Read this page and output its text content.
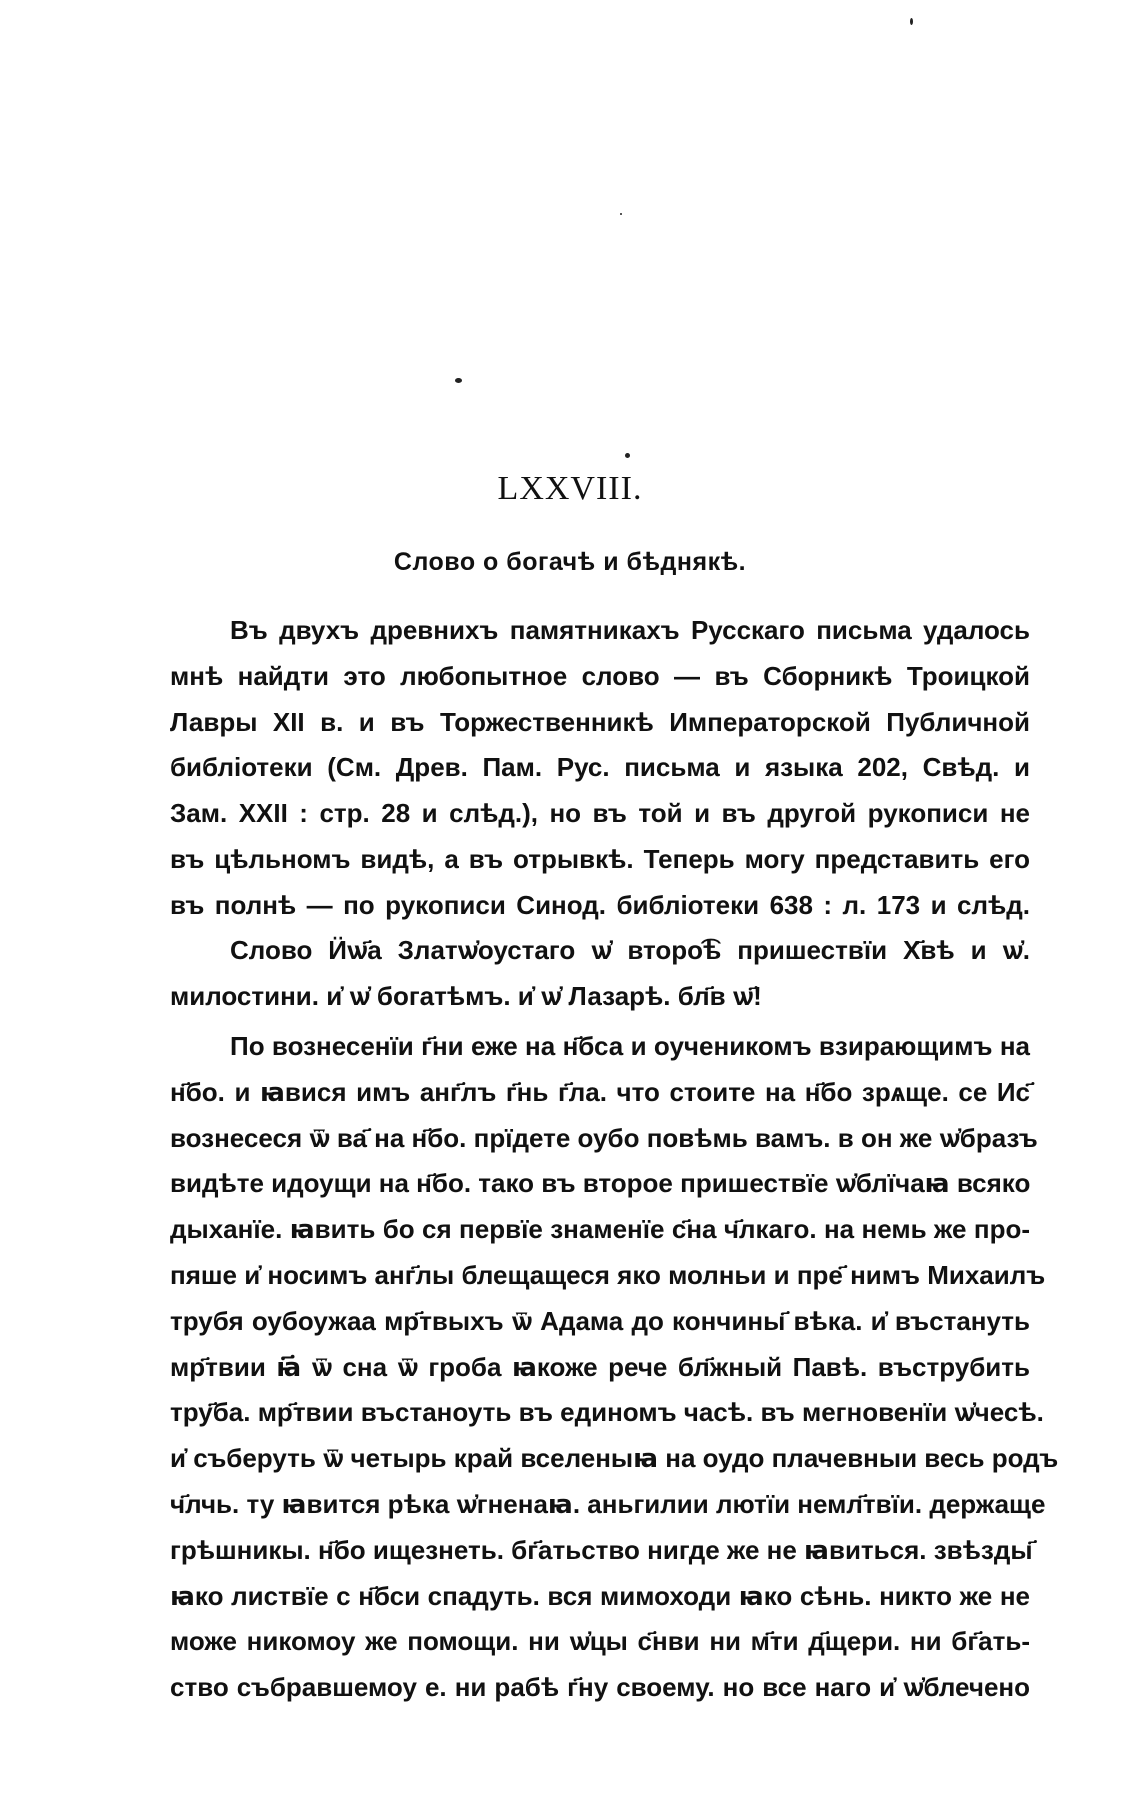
LXXVIII.
Слово о богачѣ и бѣднякѣ.
Въ двухъ древнихъ памятникахъ Русскаго письма удалось
мнѣ найдти это любопытное слово — въ Сборникѣ Троицкой
Лавры XII в. и въ Торжественникѣ Императорской Публичной
библіотеки (См. Древ. Пам. Рус. письма и языка 202, Свѣд. и
Зам. XXII : стр. 28 и слѣд.), но въ той и въ другой рукописи не
въ цѣльномъ видѣ, а въ отрывкѣ. Теперь могу представить его
въ полнѣ — по рукописи Синод. библіотеки 638 : л. 173 и слѣд.
Слово Ӥѡ҃а Златѡ҆оустаго ѡ҆ второ͡ѣ пришествїи Х҃вѣ и ѡ҆.
милостини. и҆ ѡ҆ богатѣмъ. и҆ ѡ҆ Лазарѣ. бл҃в ѡ҃!
По вознесенїи г҃ни еже на н҃бса и оученикомъ взирающимъ на
н҃бо. и ꙗвися имъ анг҃лъ г҃нь г҃ла. что стоите на н҃бо зрѧще. се Ис҃
вознесеся ѿ ва҃ на н҃бо. прїдете оубо повѣмь вамъ. в он же ѡ҆бразъ
видѣте идоущи на н҃бо. тако въ второе пришествїе ѡ҆блїчаꙗ всяко
дыханїе. ꙗвить бо ся первїе знаменїе с҃на ч҃лкаго. на немь же про-
пяше и҆ носимъ анг҃лы блещащеся яко молньи и пре҃ нимъ Михаилъ
трубя оубоужаа мр҃твыхъ ѿ Адама до кончины҃ вѣка. и҆ въстануть
мр҃твии ꙗ҃ ѿ сна ѿ гроба ꙗкоже рече бл҃жный Павѣ. въструбить
тру҃ба. мр҃твии въстаноуть въ единомъ часѣ. въ мегновенїи ѡ҆чесѣ.
и҆ съберуть ѿ четырь край вселеныꙗ на оудо плачевныи весь родъ
ч҃лчь. ту ꙗвится рѣка ѡ҆гненаꙗ. аньгилии лютїи немл҃твїи. держаще
грѣшникы. н҃бо ищезнеть. бг҃атьство нигде же не ꙗвиться. звѣзды҃
ꙗко листвїе с н҃бси спадуть. вся мимоходи ꙗко сѣнь. никто же не
може никомоу же помощи. ни ѡ҆цы с҃нви ни м҃ти д҃щери. ни бг҃ать-
ство събравшемоу е. ни рабѣ г҃ну своему. но все наго и҆ ѡ҆блечено
